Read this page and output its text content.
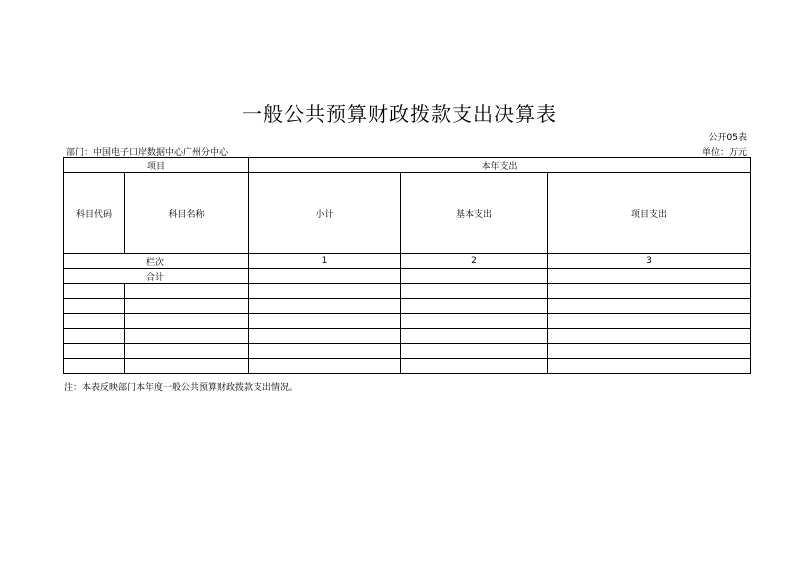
一般公共预算财政拨款支出决算表
公开05表
部门：中国电子口岸数据中心广州分中心	单位：万元
项目		本年支出		
科目代码	科目名称	小计	基本支出	项目支出
栏次		1	2	3
合计				

注：本表反映部门本年度一般公共预算财政拨款支出情况。
